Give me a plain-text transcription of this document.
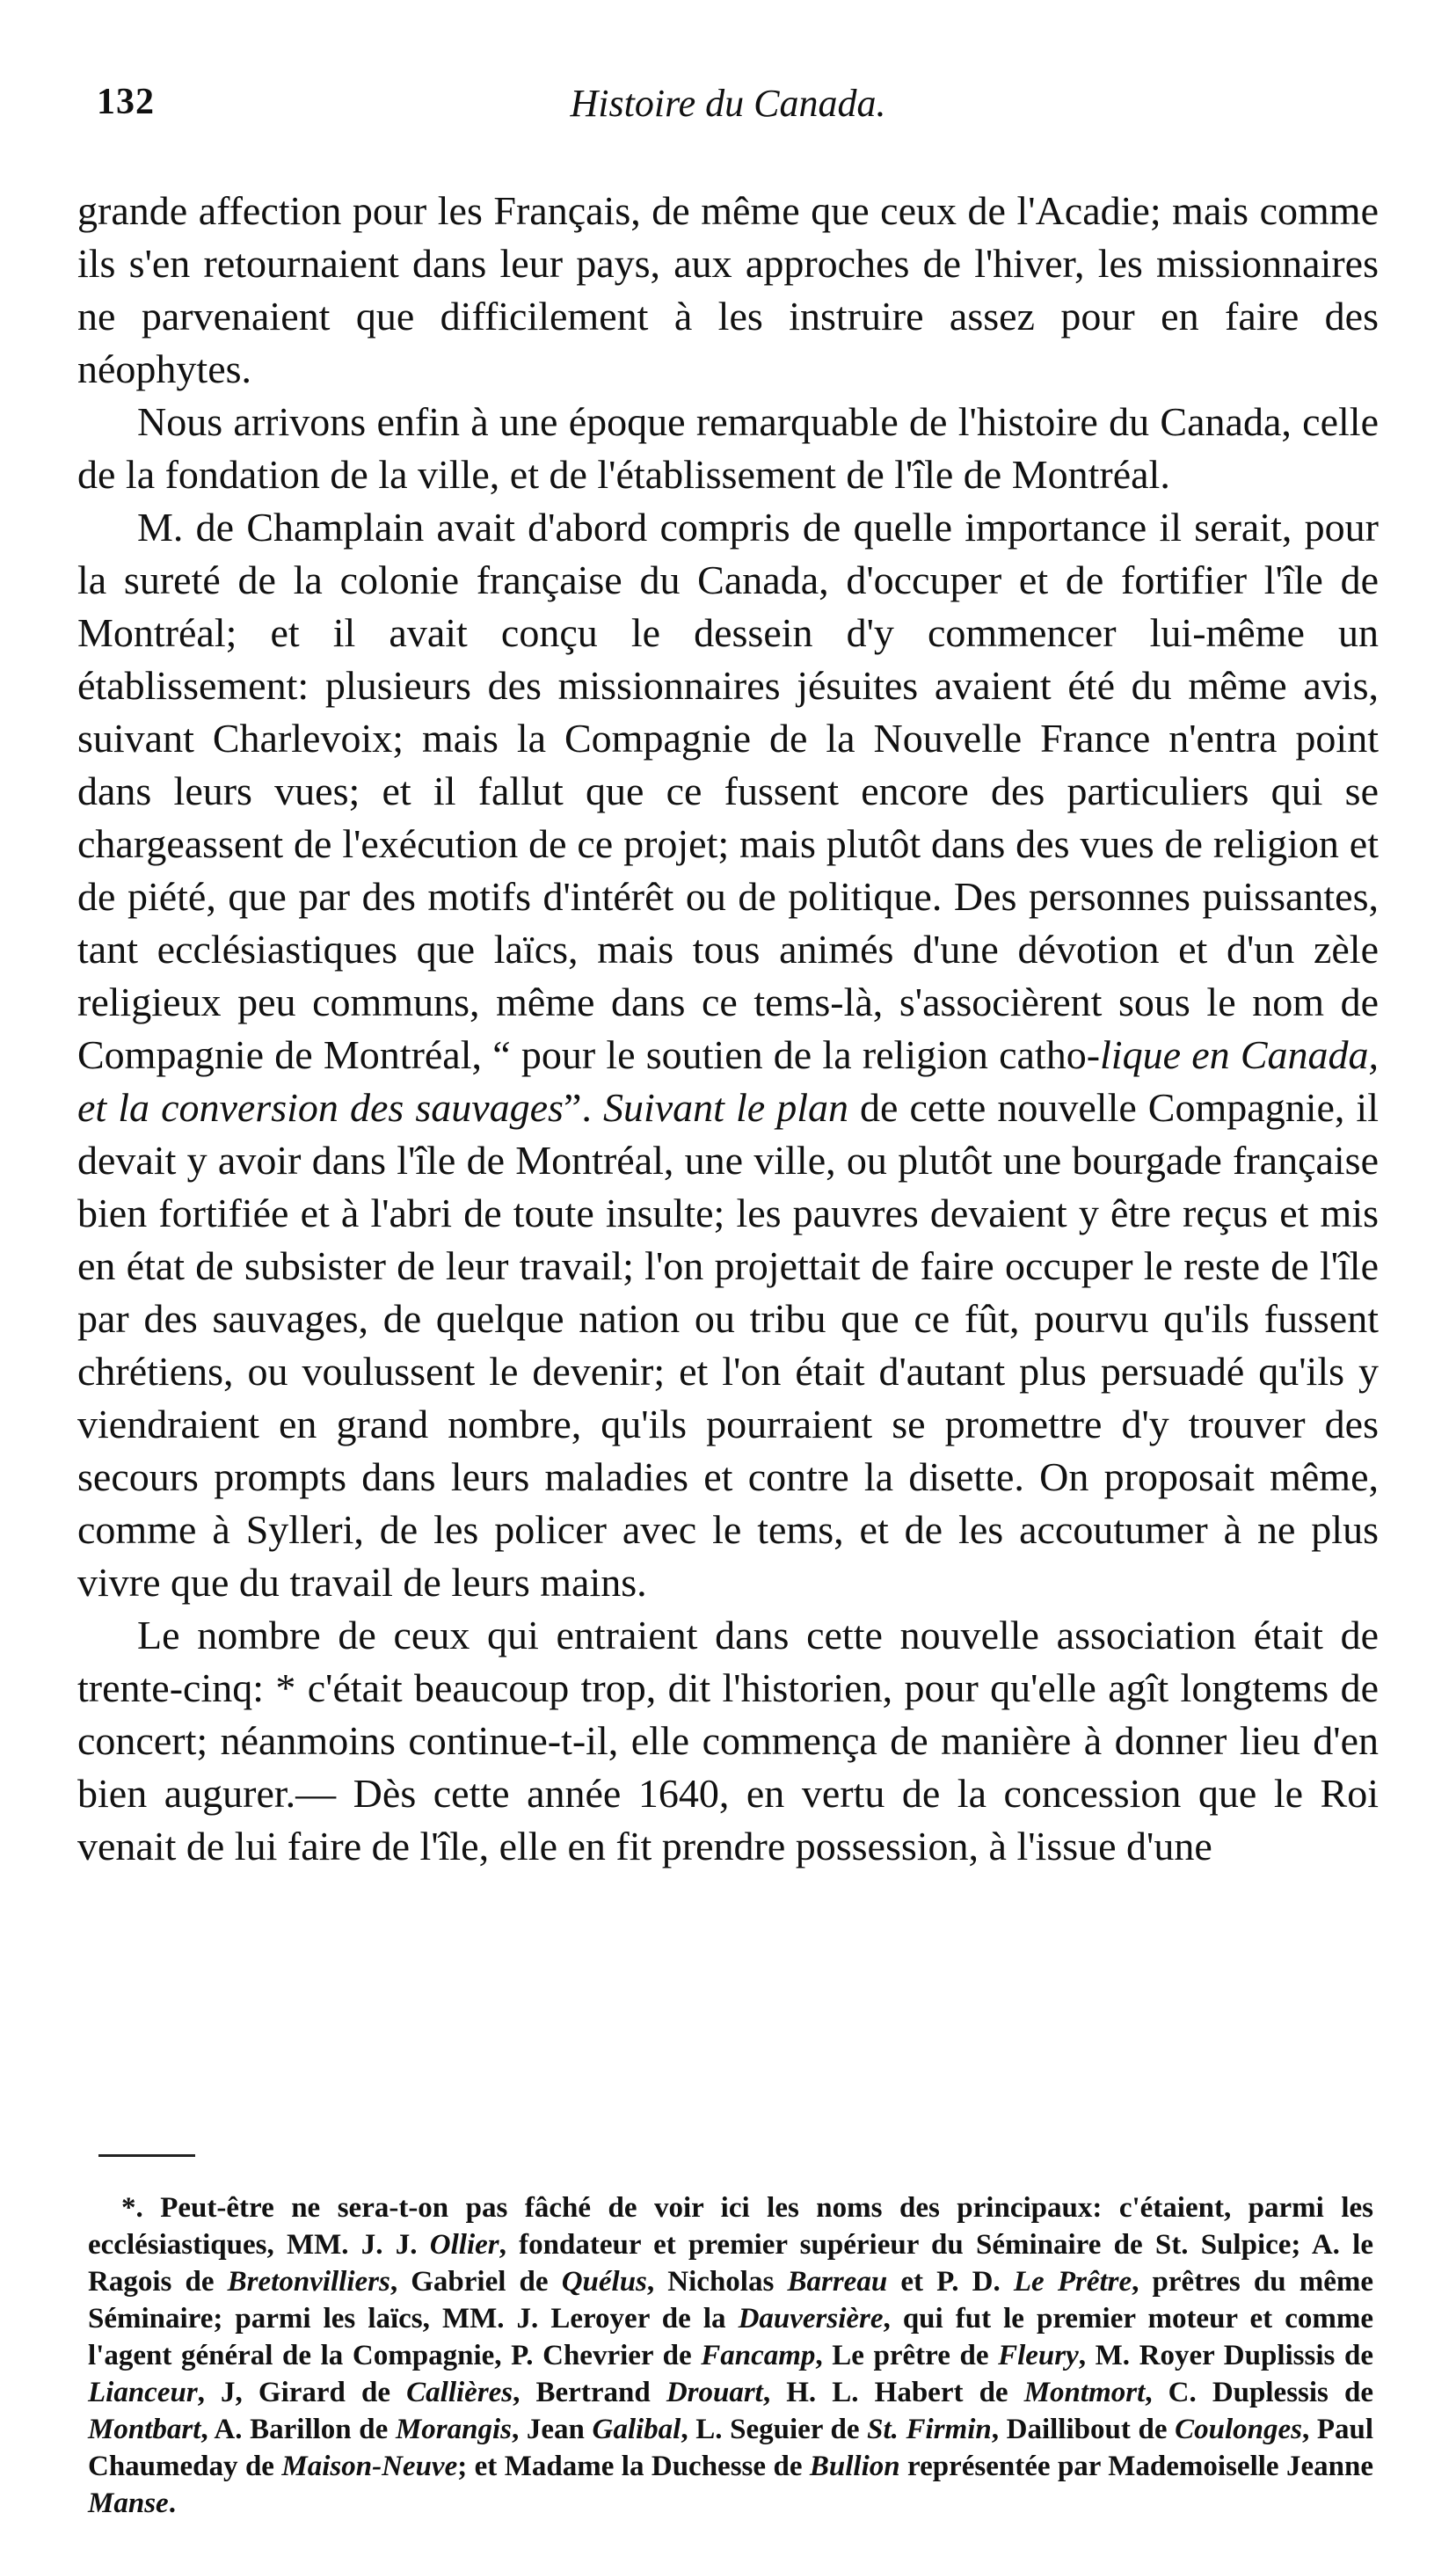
132	Histoire du Canada.

grande affection pour les Français, de même que ceux de l'Acadie; mais comme ils s'en retournaient dans leur pays, aux approches de l'hiver, les missionnaires ne parvenaient que difficilement à les instruire assez pour en faire des néophytes.

Nous arrivons enfin à une époque remarquable de l'histoire du Canada, celle de la fondation de la ville, et de l'établissement de l'île de Montréal.

M. de Champlain avait d'abord compris de quelle importance il serait, pour la sureté de la colonie française du Canada, d'occuper et de fortifier l'île de Montréal; et il avait conçu le dessein d'y commencer lui-même un établissement: plusieurs des missionnaires jésuites avaient été du même avis, suivant Charlevoix; mais la Compagnie de la Nouvelle France n'entra point dans leurs vues; et il fallut que ce fussent encore des particuliers qui se chargeassent de l'exécution de ce projet; mais plutôt dans des vues de religion et de piété, que par des motifs d'intérêt ou de politique. Des personnes puissantes, tant ecclésiastiques que laïcs, mais tous animés d'une dévotion et d'un zèle religieux peu communs, même dans ce tems-là, s'associèrent sous le nom de Compagnie de Montréal, “ pour le soutien de la religion catho-lique en Canada, et la conversion des sauvages”. Suivant le plan de cette nouvelle Compagnie, il devait y avoir dans l'île de Montréal, une ville, ou plutôt une bourgade française bien fortifiée et à l'abri de toute insulte; les pauvres devaient y être reçus et mis en état de subsister de leur travail; l'on projettait de faire occuper le reste de l'île par des sauvages, de quelque nation ou tribu que ce fût, pourvu qu'ils fussent chrétiens, ou voulussent le devenir; et l'on était d'autant plus persuadé qu'ils y viendraient en grand nombre, qu'ils pourraient se promettre d'y trouver des secours prompts dans leurs maladies et contre la disette. On proposait même, comme à Sylleri, de les policer avec le tems, et de les accoutumer à ne plus vivre que du travail de leurs mains.

Le nombre de ceux qui entraient dans cette nouvelle association était de trente-cinq: * c'était beaucoup trop, dit l'historien, pour qu'elle agît longtems de concert; néanmoins continue-t-il, elle commença de manière à donner lieu d'en bien augurer.— Dès cette année 1640, en vertu de la concession que le Roi venait de lui faire de l'île, elle en fit prendre possession, à l'issue d'une

*. Peut-être ne sera-t-on pas fâché de voir ici les noms des principaux: c'étaient, parmi les ecclésiastiques, MM. J. J. Ollier, fondateur et premier supérieur du Séminaire de St. Sulpice; A. le Ragois de Bretonvilliers, Gabriel de Quélus, Nicholas Barreau et P. D. Le Prêtre, prêtres du même Séminaire; parmi les laïcs, MM. J. Leroyer de la Dauversière, qui fut le premier moteur et comme l'agent général de la Compagnie, P. Chevrier de Fancamp, Le prêtre de Fleury, M. Royer Duplissis de Lianceur, J, Girard de Callières, Bertrand Drouart, H. L. Habert de Montmort, C. Duplessis de Montbart, A. Barillon de Morangis, Jean Galibal, L. Seguier de St. Firmin, Daillibout de Coulonges, Paul Chaumeday de Maison-Neuve; et Madame la Duchesse de Bullion représentée par Mademoiselle Jeanne Manse.
